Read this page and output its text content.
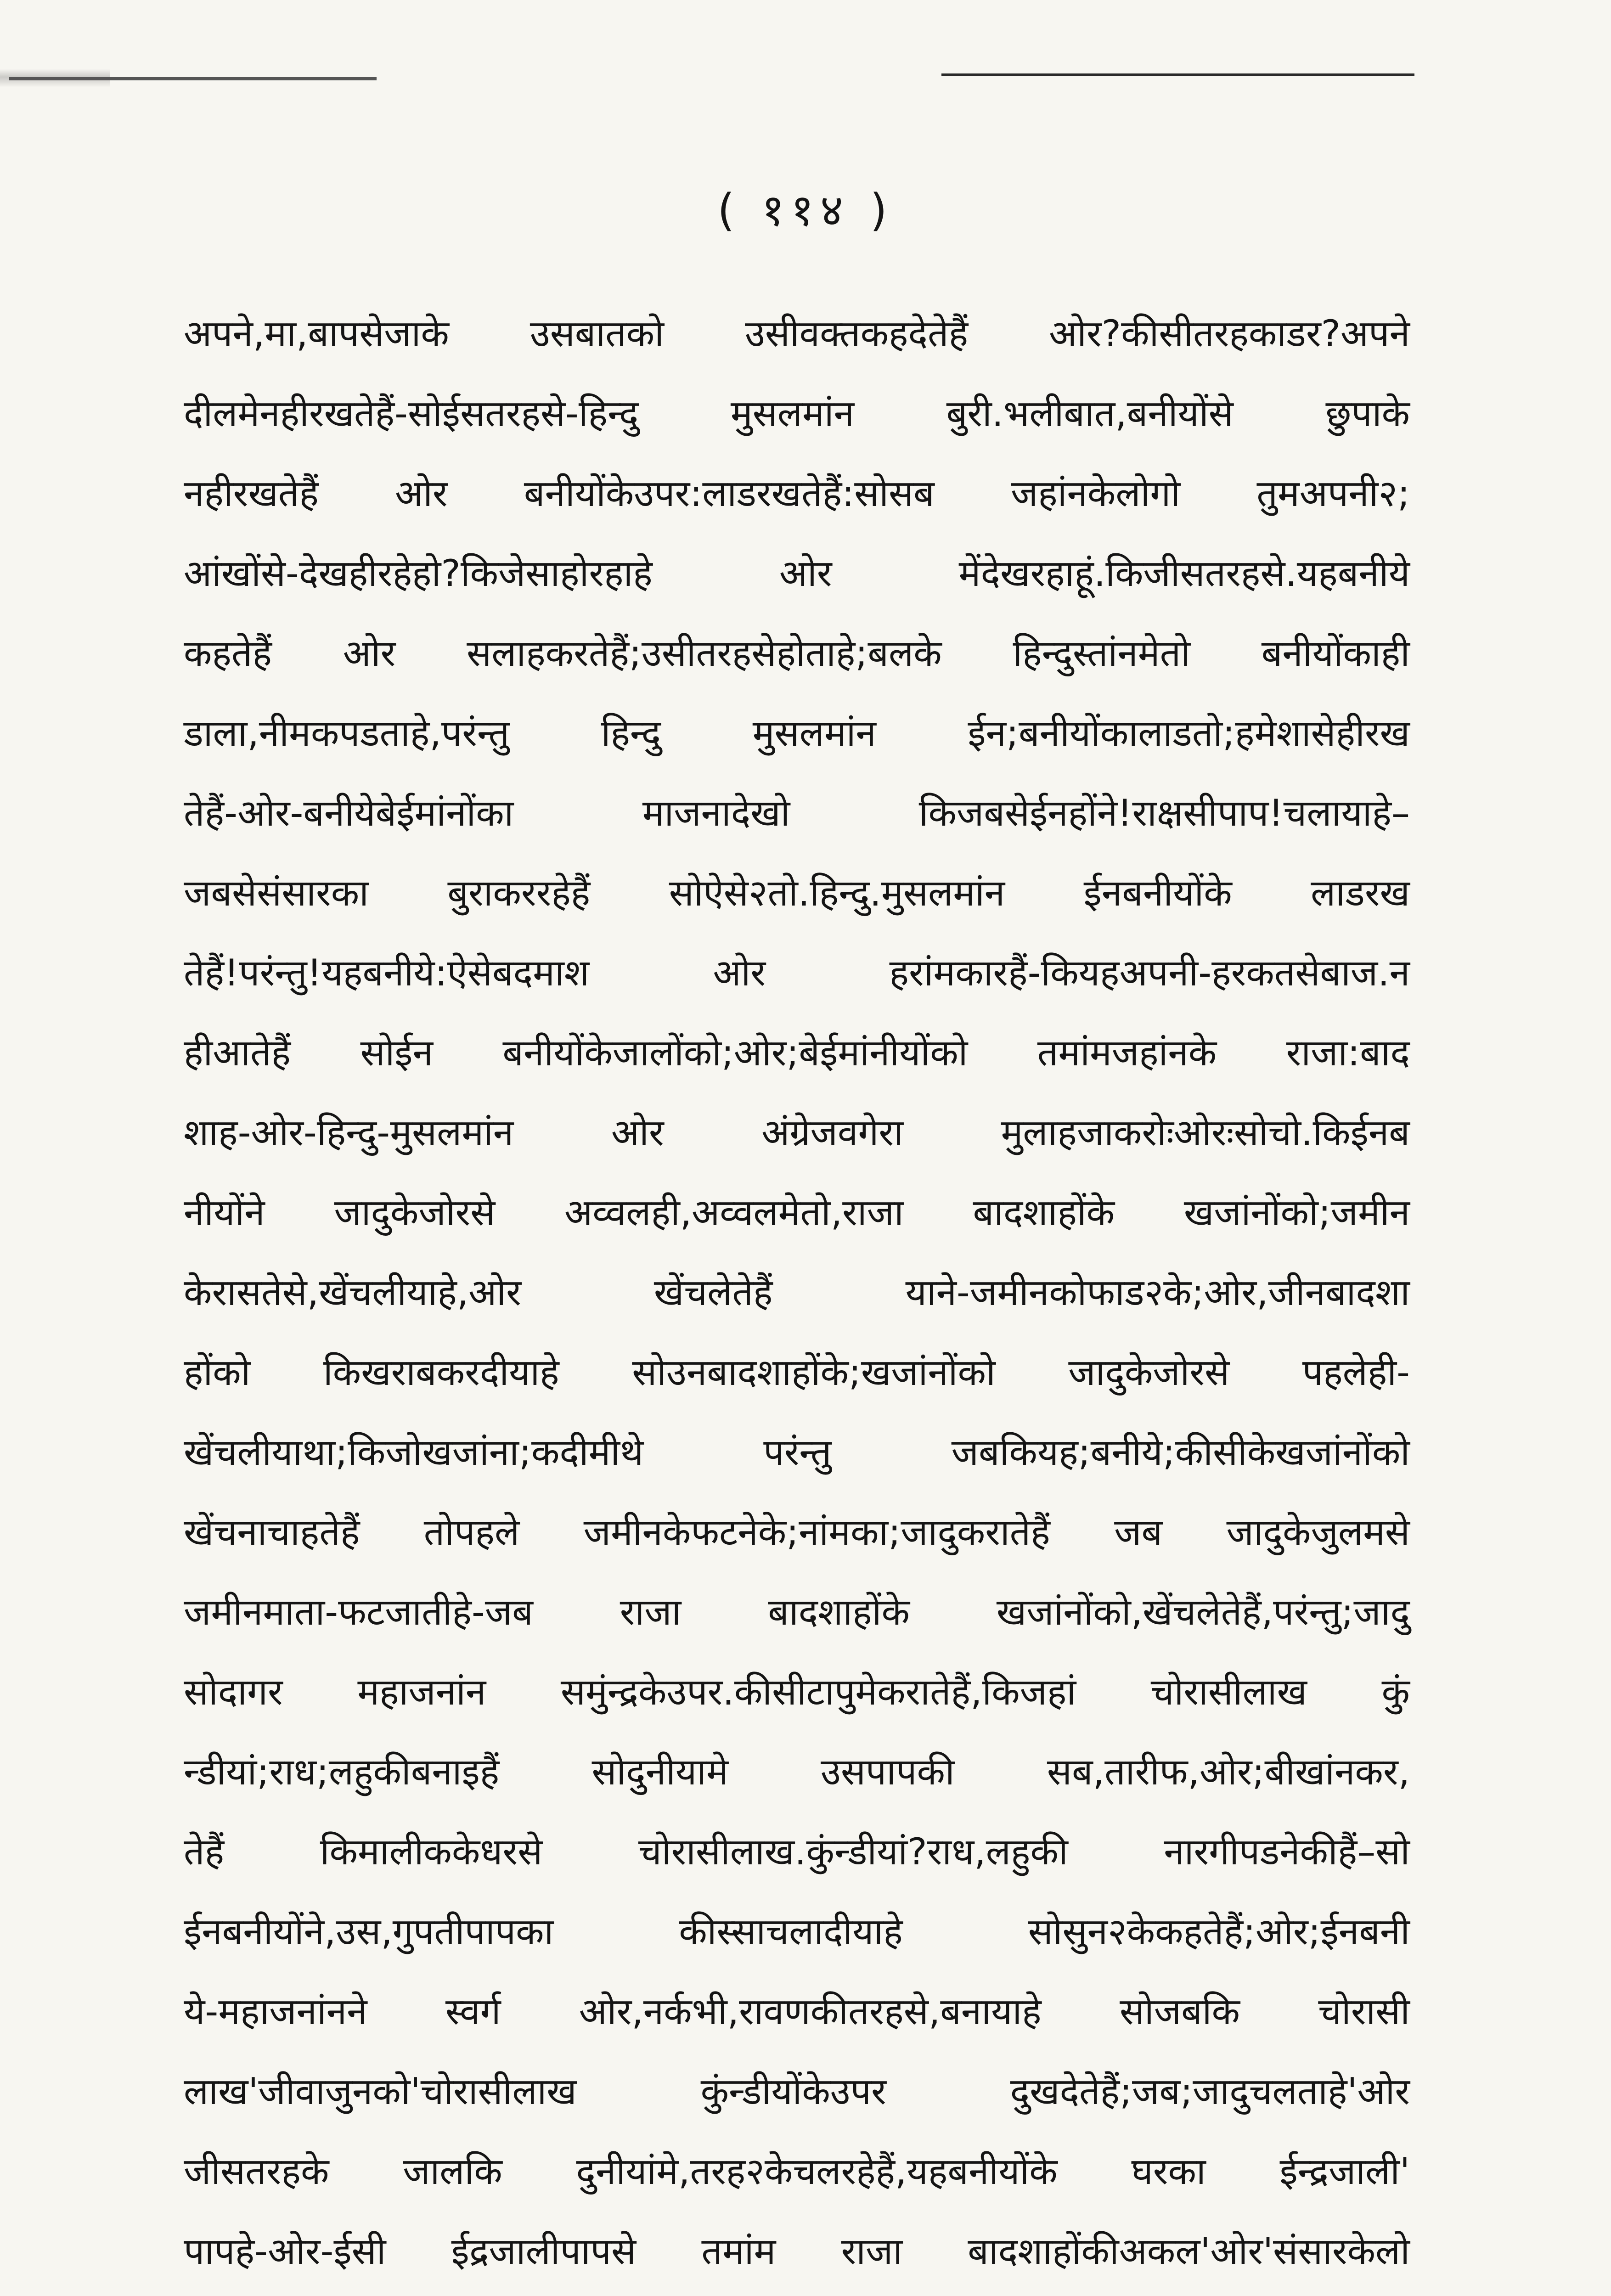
( ११४ )
अपने,मा,बापसेजाके उसबातको उसीवक्तकहदेतेहैं ओर?कीसीतरहकाडर?अपने
दीलमेनहीरखतेहैं-सोईसतरहसे-हिन्दु मुसलमांन बुरी.भलीबात,बनीयोंसे छुपाके
नहीरखतेहैं ओर बनीयोंकेउपर:लाडरखतेहैं:सोसब जहांनकेलोगो तुमअपनी२;
आंखोंसे-देखहीरहेहो?किजेसाहोरहाहे ओर मेंदेखरहाहूं.किजीसतरहसे.यहबनीये
कहतेहैं ओर सलाहकरतेहैं;उसीतरहसेहोताहे;बलके हिन्दुस्तांनमेतो बनीयोंकाही
डाला,नीमकपडताहे,परंन्तु हिन्दु मुसलमांन ईन;बनीयोंकालाडतो;हमेशासेहीरख
तेहैं-ओर-बनीयेबेईमांनोंका माजनादेखो किजबसेईनहोंने!राक्षसीपाप!चलायाहे–
जबसेसंसारका बुराकररहेहैं सोऐसे२तो.हिन्दु.मुसलमांन ईनबनीयोंके लाडरख
तेहैं!परंन्तु!यहबनीये:ऐसेबदमाश ओर हरांमकारहैं-कियहअपनी-हरकतसेबाज.न
हीआतेहैं सोईन बनीयोंकेजालोंको;ओर;बेईमांनीयोंको तमांमजहांनके राजा:बाद
शाह-ओर-हिन्दु-मुसलमांन ओर अंग्रेजवगेरा मुलाहजाकरोःओरःसोचो.किईनब
नीयोंने जादुकेजोरसे अव्वलही,अव्वलमेतो,राजा बादशाहोंके खजांनोंको;जमीन
केरासतेसे,खेंचलीयाहे,ओर खेंचलेतेहैं याने-जमीनकोफाड२के;ओर,जीनबादशा
होंको किखराबकरदीयाहे सोउनबादशाहोंके;खजांनोंको जादुकेजोरसे पहलेही-
खेंचलीयाथा;किजोखजांना;कदीमीथे परंन्तु जबकियह;बनीये;कीसीकेखजांनोंको
खेंचनाचाहतेहैं तोपहले जमीनकेफटनेके;नांमका;जादुकरातेहैं जब जादुकेजुलमसे
जमीनमाता-फटजातीहे-जब राजा बादशाहोंके खजांनोंको,खेंचलेतेहैं,परंन्तु;जादु
सोदागर महाजनांन समुंन्द्रकेउपर.कीसीटापुमेकरातेहैं,किजहां चोरासीलाख कुं
न्डीयां;राध;लहुकीबनाइहैं सोदुनीयामे उसपापकी सब,तारीफ,ओर;बीखांनकर,
तेहैं किमालीककेधरसे चोरासीलाख.कुंन्डीयां?राध,लहुकी नारगीपडनेकीहैं–सो
ईनबनीयोंने,उस,गुपतीपापका कीस्साचलादीयाहे सोसुन२केकहतेहैं;ओर;ईनबनी
ये-महाजनांनने स्वर्ग ओर,नर्कभी,रावणकीतरहसे,बनायाहे सोजबकि चोरासी
लाख'जीवाजुनको'चोरासीलाख कुंन्डीयोंकेउपर दुखदेतेहैं;जब;जादुचलताहे'ओर
जीसतरहके जालकि दुनीयांमे,तरह२केचलरहेहैं,यहबनीयोंके घरका ईन्द्रजाली'
पापहे-ओर-ईसी ईद्रजालीपापसे तमांम राजा बादशाहोंकीअकल'ओर'संसारकेलो
